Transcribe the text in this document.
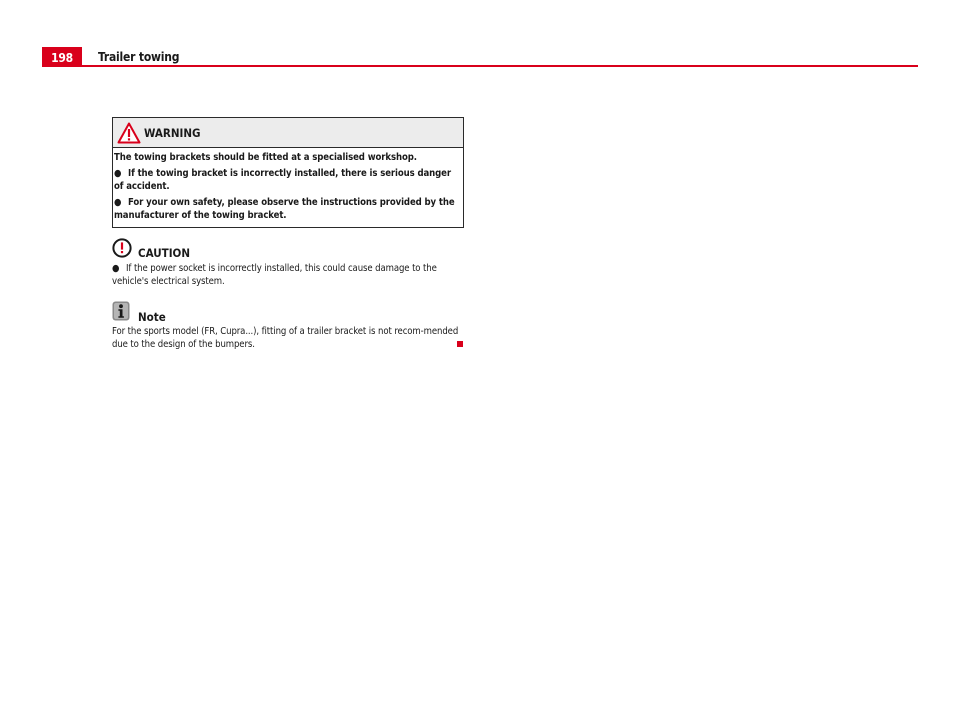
198	Trailer towing
WARNING

The towing brackets should be fitted at a specialised workshop.

● If the towing bracket is incorrectly installed, there is serious danger of accident.

● For your own safety, please observe the instructions provided by the manufacturer of the towing bracket.

CAUTION

● If the power socket is incorrectly installed, this could cause damage to the vehicle's electrical system.

Note

For the sports model (FR, Cupra...), fitting of a trailer bracket is not recom-mended due to the design of the bumpers.
